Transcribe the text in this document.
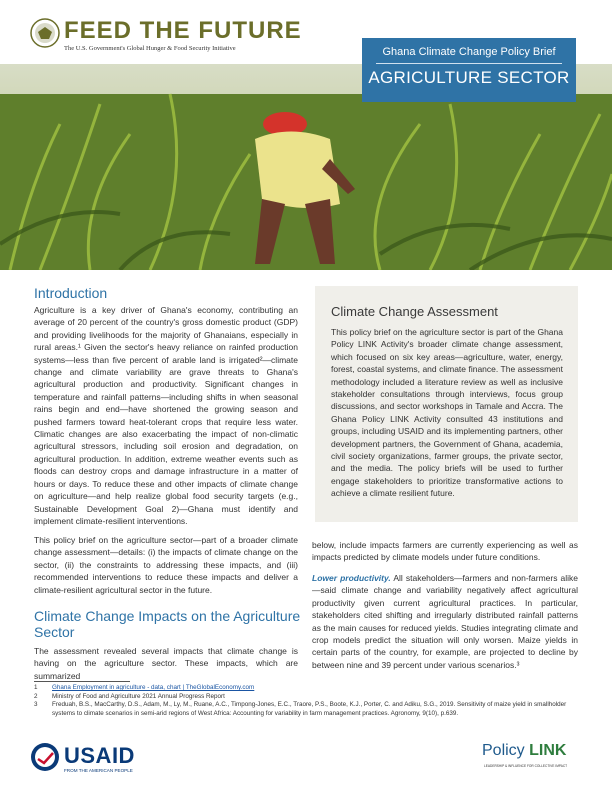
FEED THE FUTURE
The U.S. Government's Global Hunger & Food Security Initiative	Ghana Climate Change Policy Brief
AGRICULTURE SECTOR
Introduction
Agriculture is a key driver of Ghana's economy, contributing an average of 20 percent of the country's gross domestic product (GDP) and providing livelihoods for the majority of Ghanaians, especially in rural areas.¹ Given the sector's heavy reliance on rainfed production systems—less than five percent of arable land is irrigated²—climate change and climate variability are grave threats to Ghana's agricultural production and productivity. Significant changes in temperature and rainfall patterns—including shifts in when seasonal rains begin and end—have shortened the growing season and pushed farmers toward heat-tolerant crops that require less water. Climatic changes are also exacerbating the impact of non-climatic agricultural stressors, including soil erosion and degradation, on agricultural production. In addition, extreme weather events such as floods can destroy crops and damage infrastructure in a matter of hours or days. To reduce these and other impacts of climate change on agriculture—and help realize global food security targets (e.g., Sustainable Development Goal 2)—Ghana must identify and implement climate-resilient interventions.
This policy brief on the agriculture sector—part of a broader climate change assessment—details: (i) the impacts of climate change on the sector, (ii) the constraints to addressing these impacts, and (iii) recommended interventions to reduce these impacts and deliver a climate-resilient agricultural sector in the future.
Climate Change Impacts on the Agriculture Sector
The assessment revealed several impacts that climate change is having on the agriculture sector. These impacts, which are summarized
Climate Change Assessment
This policy brief on the agriculture sector is part of the Ghana Policy LINK Activity's broader climate change assessment, which focused on six key areas—agriculture, water, energy, forest, coastal systems, and climate finance. The assessment methodology included a literature review as well as inclusive stakeholder consultations through interviews, focus group discussions, and sector workshops in Tamale and Accra. The Ghana Policy LINK Activity consulted 43 institutions and groups, including USAID and its implementing partners, other development partners, the Government of Ghana, academia, civil society organizations, farmer groups, the private sector, and the media. The policy briefs will be used to further engage stakeholders to prioritize transformative actions to achieve a climate resilient future.
below, include impacts farmers are currently experiencing as well as impacts predicted by climate models under future conditions.
Lower productivity. All stakeholders—farmers and non-farmers alike—said climate change and variability negatively affect agricultural productivity given current agricultural practices. In particular, stakeholders cited shifting and irregularly distributed rainfall patterns as the main causes for reduced yields. Studies integrating climate and crop models predict the situation will only worsen. Maize yields in certain parts of the country, for example, are projected to decline by between nine and 39 percent under various scenarios.³
1	Ghana Employment in agriculture - data, chart | TheGlobalEconomy.com
2	Ministry of Food and Agriculture 2021 Annual Progress Report
3	Freduah, B.S., MacCarthy, D.S., Adam, M., Ly, M., Ruane, A.C., Timpong-Jones, E.C., Traore, P.S., Boote, K.J., Porter, C. and Adiku, S.G., 2019. Sensitivity of maize yield in smallholder systems to climate scenarios in semi-arid regions of West Africa: Accounting for variability in farm management practices. Agronomy, 9(10), p.639.
USAID
FROM THE AMERICAN PEOPLE
Policy LINK
LEADERSHIP & INFLUENCE FOR COLLECTIVE IMPACT
